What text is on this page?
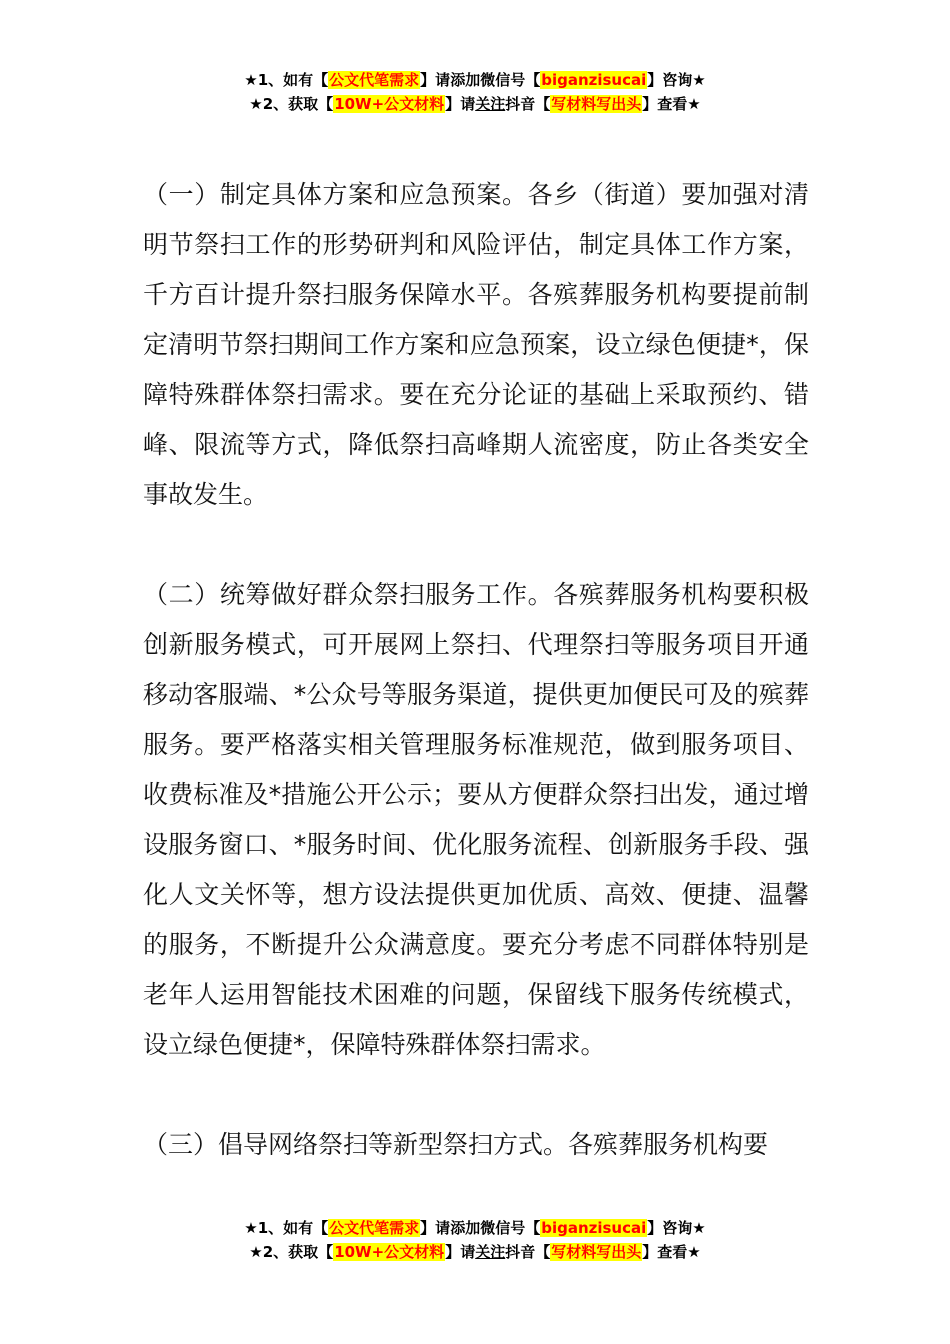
★1、如有【公文代笔需求】请添加微信号【biganzisucai】咨询★
★2、获取【10W+公文材料】请关注抖音【写材料写出头】查看★

（一）制定具体方案和应急预案。各乡（街道）要加强对清明节祭扫工作的形势研判和风险评估，制定具体工作方案，千方百计提升祭扫服务保障水平。各殡葬服务机构要提前制定清明节祭扫期间工作方案和应急预案，设立绿色便捷*，保障特殊群体祭扫需求。要在充分论证的基础上采取预约、错峰、限流等方式，降低祭扫高峰期人流密度，防止各类安全事故发生。

（二）统筹做好群众祭扫服务工作。各殡葬服务机构要积极创新服务模式，可开展网上祭扫、代理祭扫等服务项目开通移动客服端、*公众号等服务渠道，提供更加便民可及的殡葬服务。要严格落实相关管理服务标准规范，做到服务项目、收费标准及*措施公开公示；要从方便群众祭扫出发，通过增设服务窗口、*服务时间、优化服务流程、创新服务手段、强化人文关怀等，想方设法提供更加优质、高效、便捷、温馨的服务，不断提升公众满意度。要充分考虑不同群体特别是老年人运用智能技术困难的问题，保留线下服务传统模式，设立绿色便捷*，保障特殊群体祭扫需求。

（三）倡导网络祭扫等新型祭扫方式。各殡葬服务机构要

★1、如有【公文代笔需求】请添加微信号【biganzisucai】咨询★
★2、获取【10W+公文材料】请关注抖音【写材料写出头】查看★
